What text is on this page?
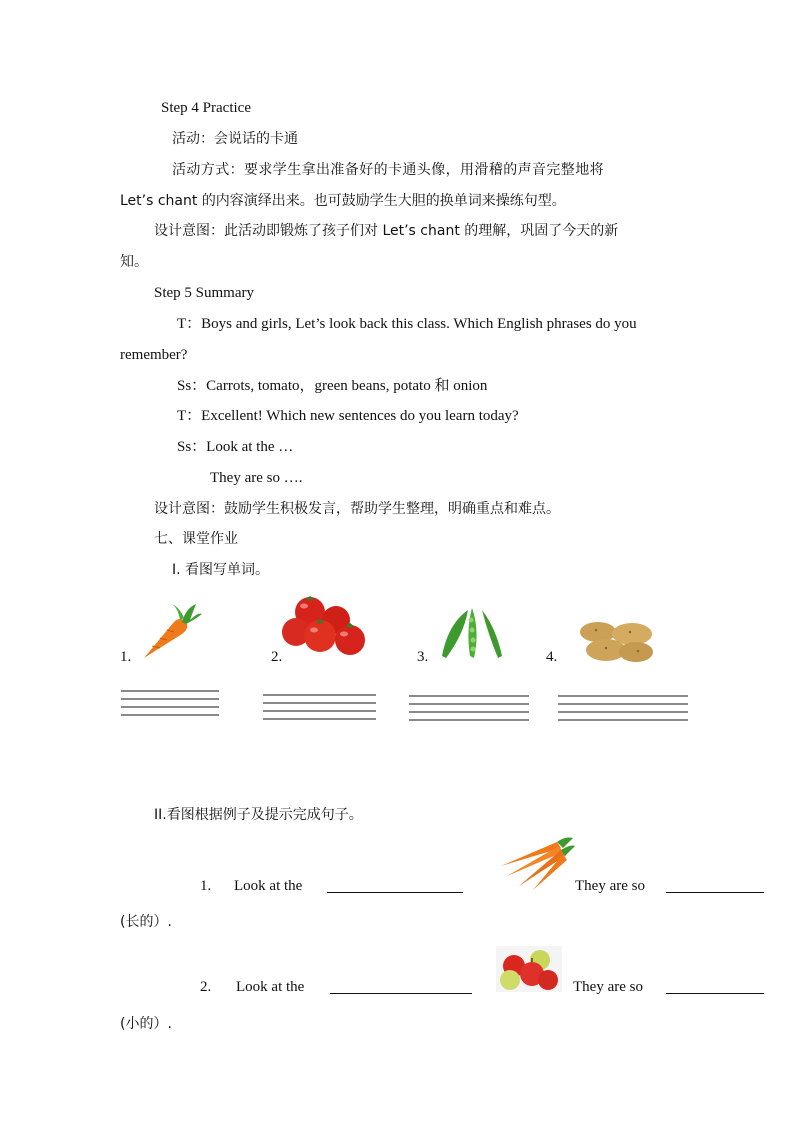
Step 4 Practice
活动：会说话的卡通
活动方式：要求学生拿出准备好的卡通头像，用滑稽的声音完整地将
Let’s chant 的内容演绎出来。也可鼓励学生大胆的换单词来操练句型。
设计意图：此活动即锻炼了孩子们对 Let’s chant 的理解，巩固了今天的新
知。
Step 5 Summary
T：Boys and girls, Let’s look back this class. Which English phrases do you
remember?
Ss：Carrots, tomato，green beans, potato 和 onion
T：Excellent! Which new sentences do you learn today?
Ss：Look at the …
They are so ….
设计意图：鼓励学生积极发言，帮助学生整理，明确重点和难点。
七、课堂作业
I. 看图写单词。
1.	2.	3.	4.
II.看图根据例子及提示完成句子。
1. Look at the	They are so
(长的）.
2. Look at the	They are so
(小的）.
